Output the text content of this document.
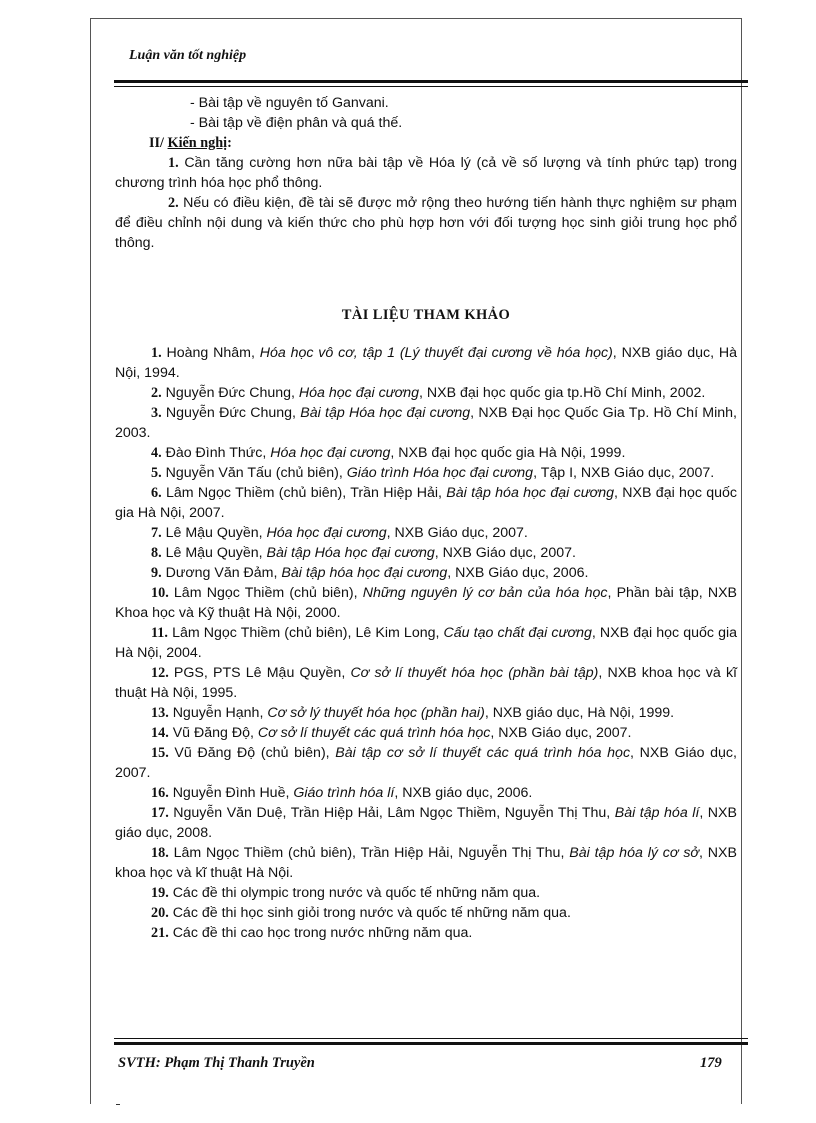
Luận văn tốt nghiệp
- Bài tập về nguyên tố Ganvani.
- Bài tập về điện phân và quá thế.
II/ Kiến nghị:
1. Cần tăng cường hơn nữa bài tập về Hóa lý (cả về số lượng và tính phức tạp) trong chương trình hóa học phổ thông.
2. Nếu có điều kiện, đề tài sẽ được mở rộng theo hướng tiến hành thực nghiệm sư phạm để điều chỉnh nội dung và kiến thức cho phù hợp hơn với đối tượng học sinh giỏi trung học phổ thông.
TÀI LIỆU THAM KHẢO
1. Hoàng Nhâm, Hóa học vô cơ, tập 1 (Lý thuyết đại cương về hóa học), NXB giáo dục, Hà Nội, 1994.
2. Nguyễn Đức Chung, Hóa học đại cương, NXB đại học quốc gia tp.Hồ Chí Minh, 2002.
3. Nguyễn Đức Chung, Bài tập Hóa học đại cương, NXB Đại học Quốc Gia Tp. Hồ Chí Minh, 2003.
4. Đào Đình Thức, Hóa học đại cương, NXB đại học quốc gia Hà Nội, 1999.
5. Nguyễn Văn Tấu (chủ biên), Giáo trình Hóa học đại cương, Tập I, NXB Giáo dục, 2007.
6. Lâm Ngọc Thiềm (chủ biên), Trần Hiệp Hải, Bài tập hóa học đại cương, NXB đại học quốc gia Hà Nội, 2007.
7. Lê Mậu Quyền, Hóa học đại cương, NXB Giáo dục, 2007.
8. Lê Mậu Quyền, Bài tập Hóa học đại cương, NXB Giáo dục, 2007.
9. Dương Văn Đảm, Bài tập hóa học đại cương, NXB Giáo dục, 2006.
10. Lâm Ngọc Thiềm (chủ biên), Những nguyên lý cơ bản của hóa học, Phần bài tập, NXB Khoa học và Kỹ thuật Hà Nội, 2000.
11. Lâm Ngọc Thiềm (chủ biên), Lê Kim Long, Cấu tạo chất đại cương, NXB đại học quốc gia Hà Nội, 2004.
12. PGS, PTS Lê Mậu Quyền, Cơ sở lí thuyết hóa học (phần bài tập), NXB khoa học và kĩ thuật Hà Nội, 1995.
13. Nguyễn Hạnh, Cơ sở lý thuyết hóa học (phần hai), NXB giáo dục, Hà Nội, 1999.
14. Vũ Đăng Độ, Cơ sở lí thuyết các quá trình hóa học, NXB Giáo dục, 2007.
15. Vũ Đăng Độ (chủ biên), Bài tập cơ sở lí thuyết các quá trình hóa học, NXB Giáo dục, 2007.
16. Nguyễn Đình Huề, Giáo trình hóa lí, NXB giáo dục, 2006.
17. Nguyễn Văn Duệ, Trần Hiệp Hải, Lâm Ngọc Thiềm, Nguyễn Thị Thu, Bài tập hóa lí, NXB giáo dục, 2008.
18. Lâm Ngọc Thiềm (chủ biên), Trần Hiệp Hải, Nguyễn Thị Thu, Bài tập hóa lý cơ sở, NXB khoa học và kĩ thuật Hà Nội.
19. Các đề thi olympic trong nước và quốc tế những năm qua.
20. Các đề thi học sinh giỏi trong nước và quốc tế những năm qua.
21. Các đề thi cao học trong nước những năm qua.
SVTH: Phạm Thị Thanh Truyền	179
